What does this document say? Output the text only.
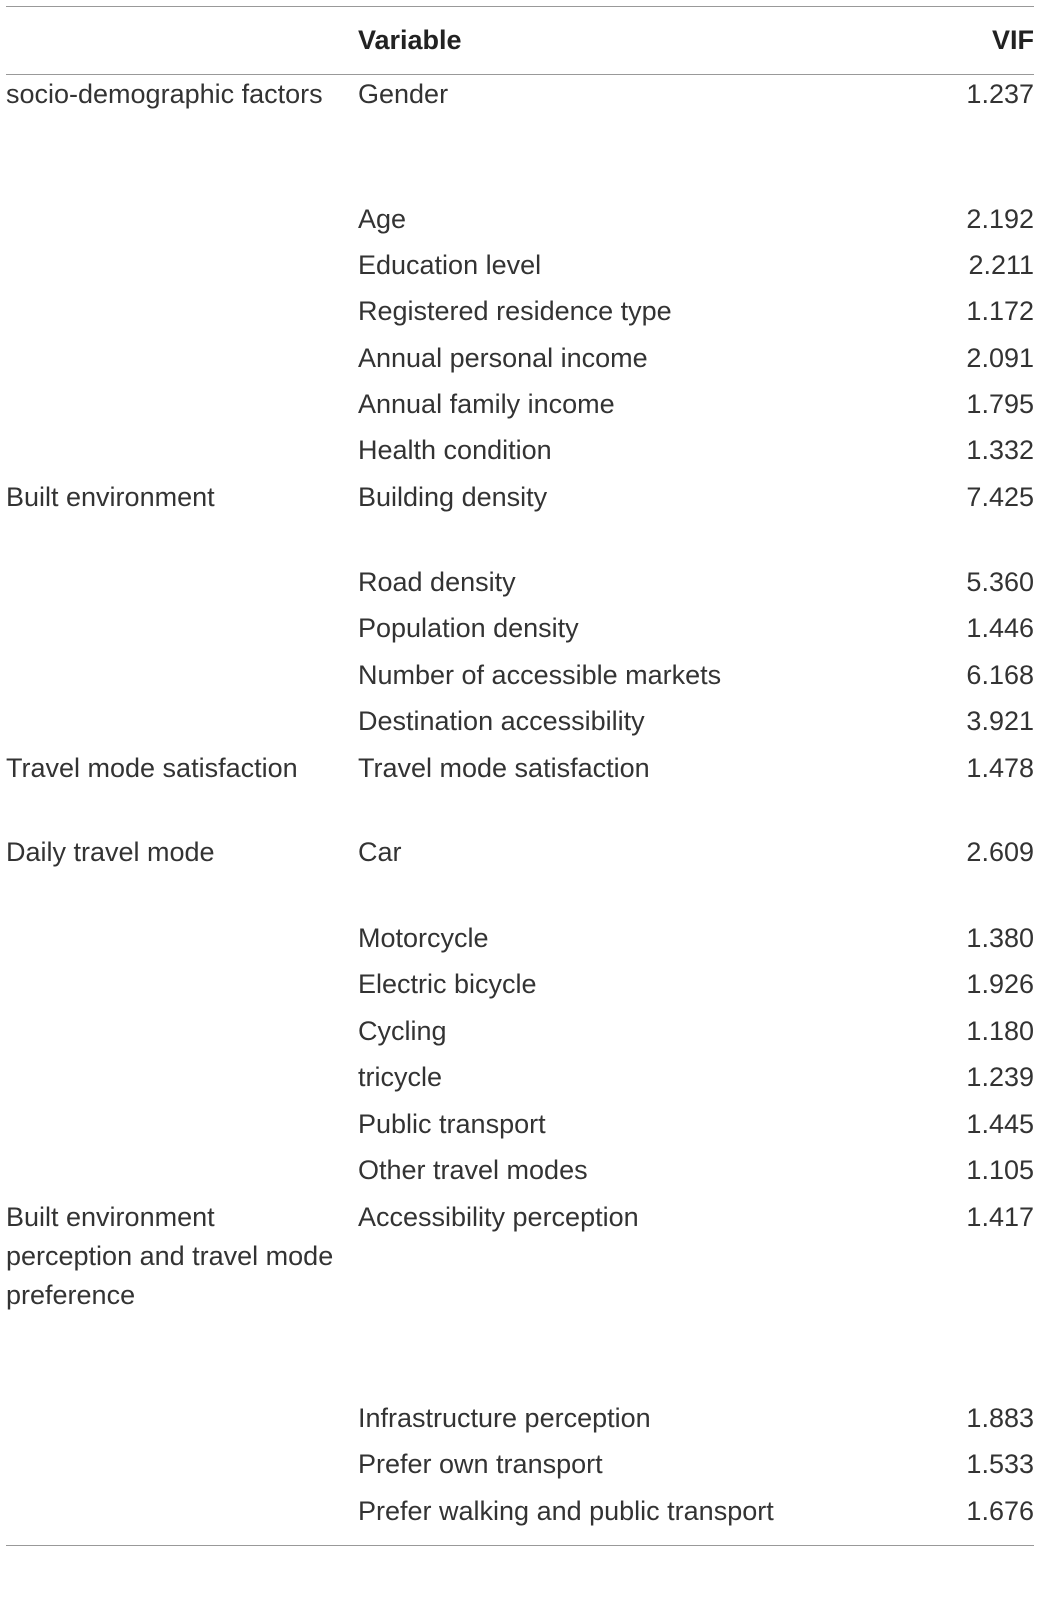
	Variable	VIF
socio-demographic factors	Gender	1.237
	Age	2.192
	Education level	2.211
	Registered residence type	1.172
	Annual personal income	2.091
	Annual family income	1.795
	Health condition	1.332
Built environment	Building density	7.425
	Road density	5.360
	Population density	1.446
	Number of accessible markets	6.168
	Destination accessibility	3.921
Travel mode satisfaction	Travel mode satisfaction	1.478
Daily travel mode	Car	2.609
	Motorcycle	1.380
	Electric bicycle	1.926
	Cycling	1.180
	tricycle	1.239
	Public transport	1.445
	Other travel modes	1.105
Built environment perception and travel mode preference	Accessibility perception	1.417
	Infrastructure perception	1.883
	Prefer own transport	1.533
	Prefer walking and public transport	1.676
